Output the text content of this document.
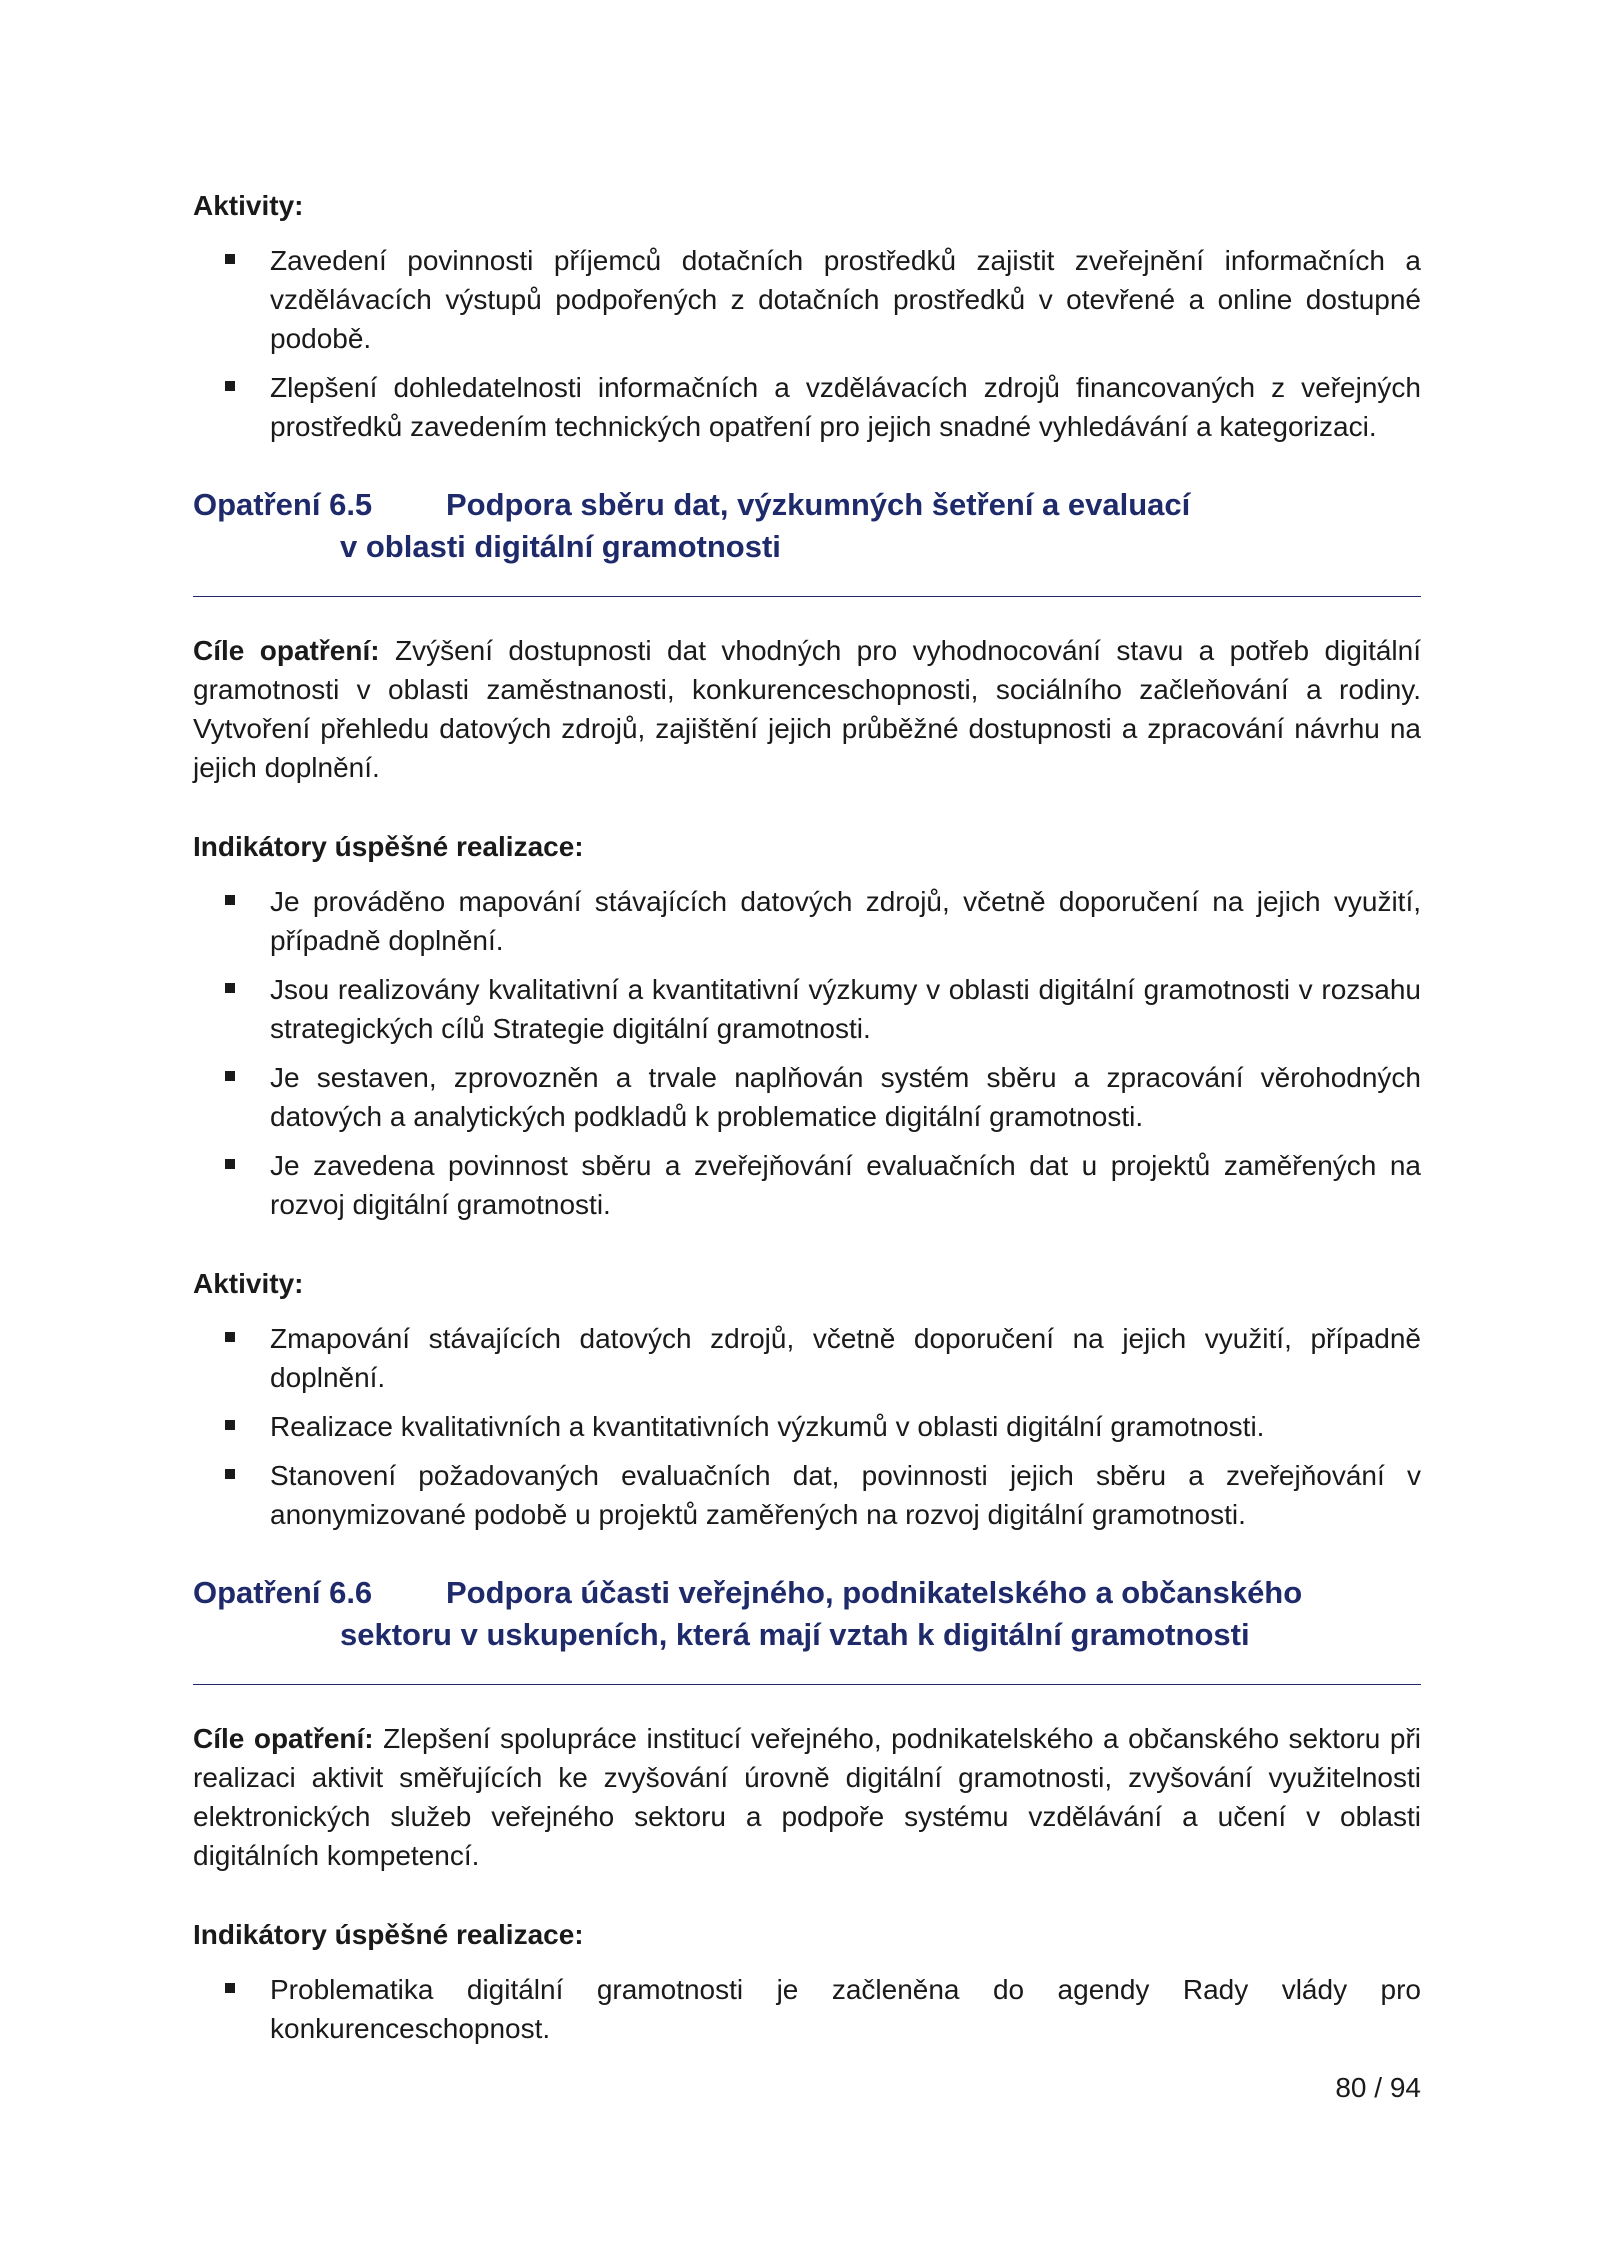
Aktivity:

Zavedení povinnosti příjemců dotačních prostředků zajistit zveřejnění informačních a vzdělávacích výstupů podpořených z dotačních prostředků v otevřené a online dostupné podobě.
Zlepšení dohledatelnosti informačních a vzdělávacích zdrojů financovaných z veřejných prostředků zavedením technických opatření pro jejich snadné vyhledávání a kategorizaci.
Opatření 6.5 Podpora sběru dat, výzkumných šetření a evaluací
v oblasti digitální gramotnosti

Cíle opatření: Zvýšení dostupnosti dat vhodných pro vyhodnocování stavu a potřeb digitální gramotnosti v oblasti zaměstnanosti, konkurenceschopnosti, sociálního začleňování a rodiny. Vytvoření přehledu datových zdrojů, zajištění jejich průběžné dostupnosti a zpracování návrhu na jejich doplnění.

Indikátory úspěšné realizace:

Je prováděno mapování stávajících datových zdrojů, včetně doporučení na jejich využití, případně doplnění.
Jsou realizovány kvalitativní a kvantitativní výzkumy v oblasti digitální gramotnosti v rozsahu strategických cílů Strategie digitální gramotnosti.
Je sestaven, zprovozněn a trvale naplňován systém sběru a zpracování věrohodných datových a analytických podkladů k problematice digitální gramotnosti.
Je zavedena povinnost sběru a zveřejňování evaluačních dat u projektů zaměřených na rozvoj digitální gramotnosti.

Aktivity:

Zmapování stávajících datových zdrojů, včetně doporučení na jejich využití, případně doplnění.
Realizace kvalitativních a kvantitativních výzkumů v oblasti digitální gramotnosti.
Stanovení požadovaných evaluačních dat, povinnosti jejich sběru a zveřejňování v anonymizované podobě u projektů zaměřených na rozvoj digitální gramotnosti.
Opatření 6.6 Podpora účasti veřejného, podnikatelského a občanského
sektoru v uskupeních, která mají vztah k digitální gramotnosti

Cíle opatření: Zlepšení spolupráce institucí veřejného, podnikatelského a občanského sektoru při realizaci aktivit směřujících ke zvyšování úrovně digitální gramotnosti, zvyšování využitelnosti elektronických služeb veřejného sektoru a podpoře systému vzdělávání a učení v oblasti digitálních kompetencí.

Indikátory úspěšné realizace:

Problematika digitální gramotnosti je začleněna do agendy Rady vlády pro konkurenceschopnost.
80 / 94
